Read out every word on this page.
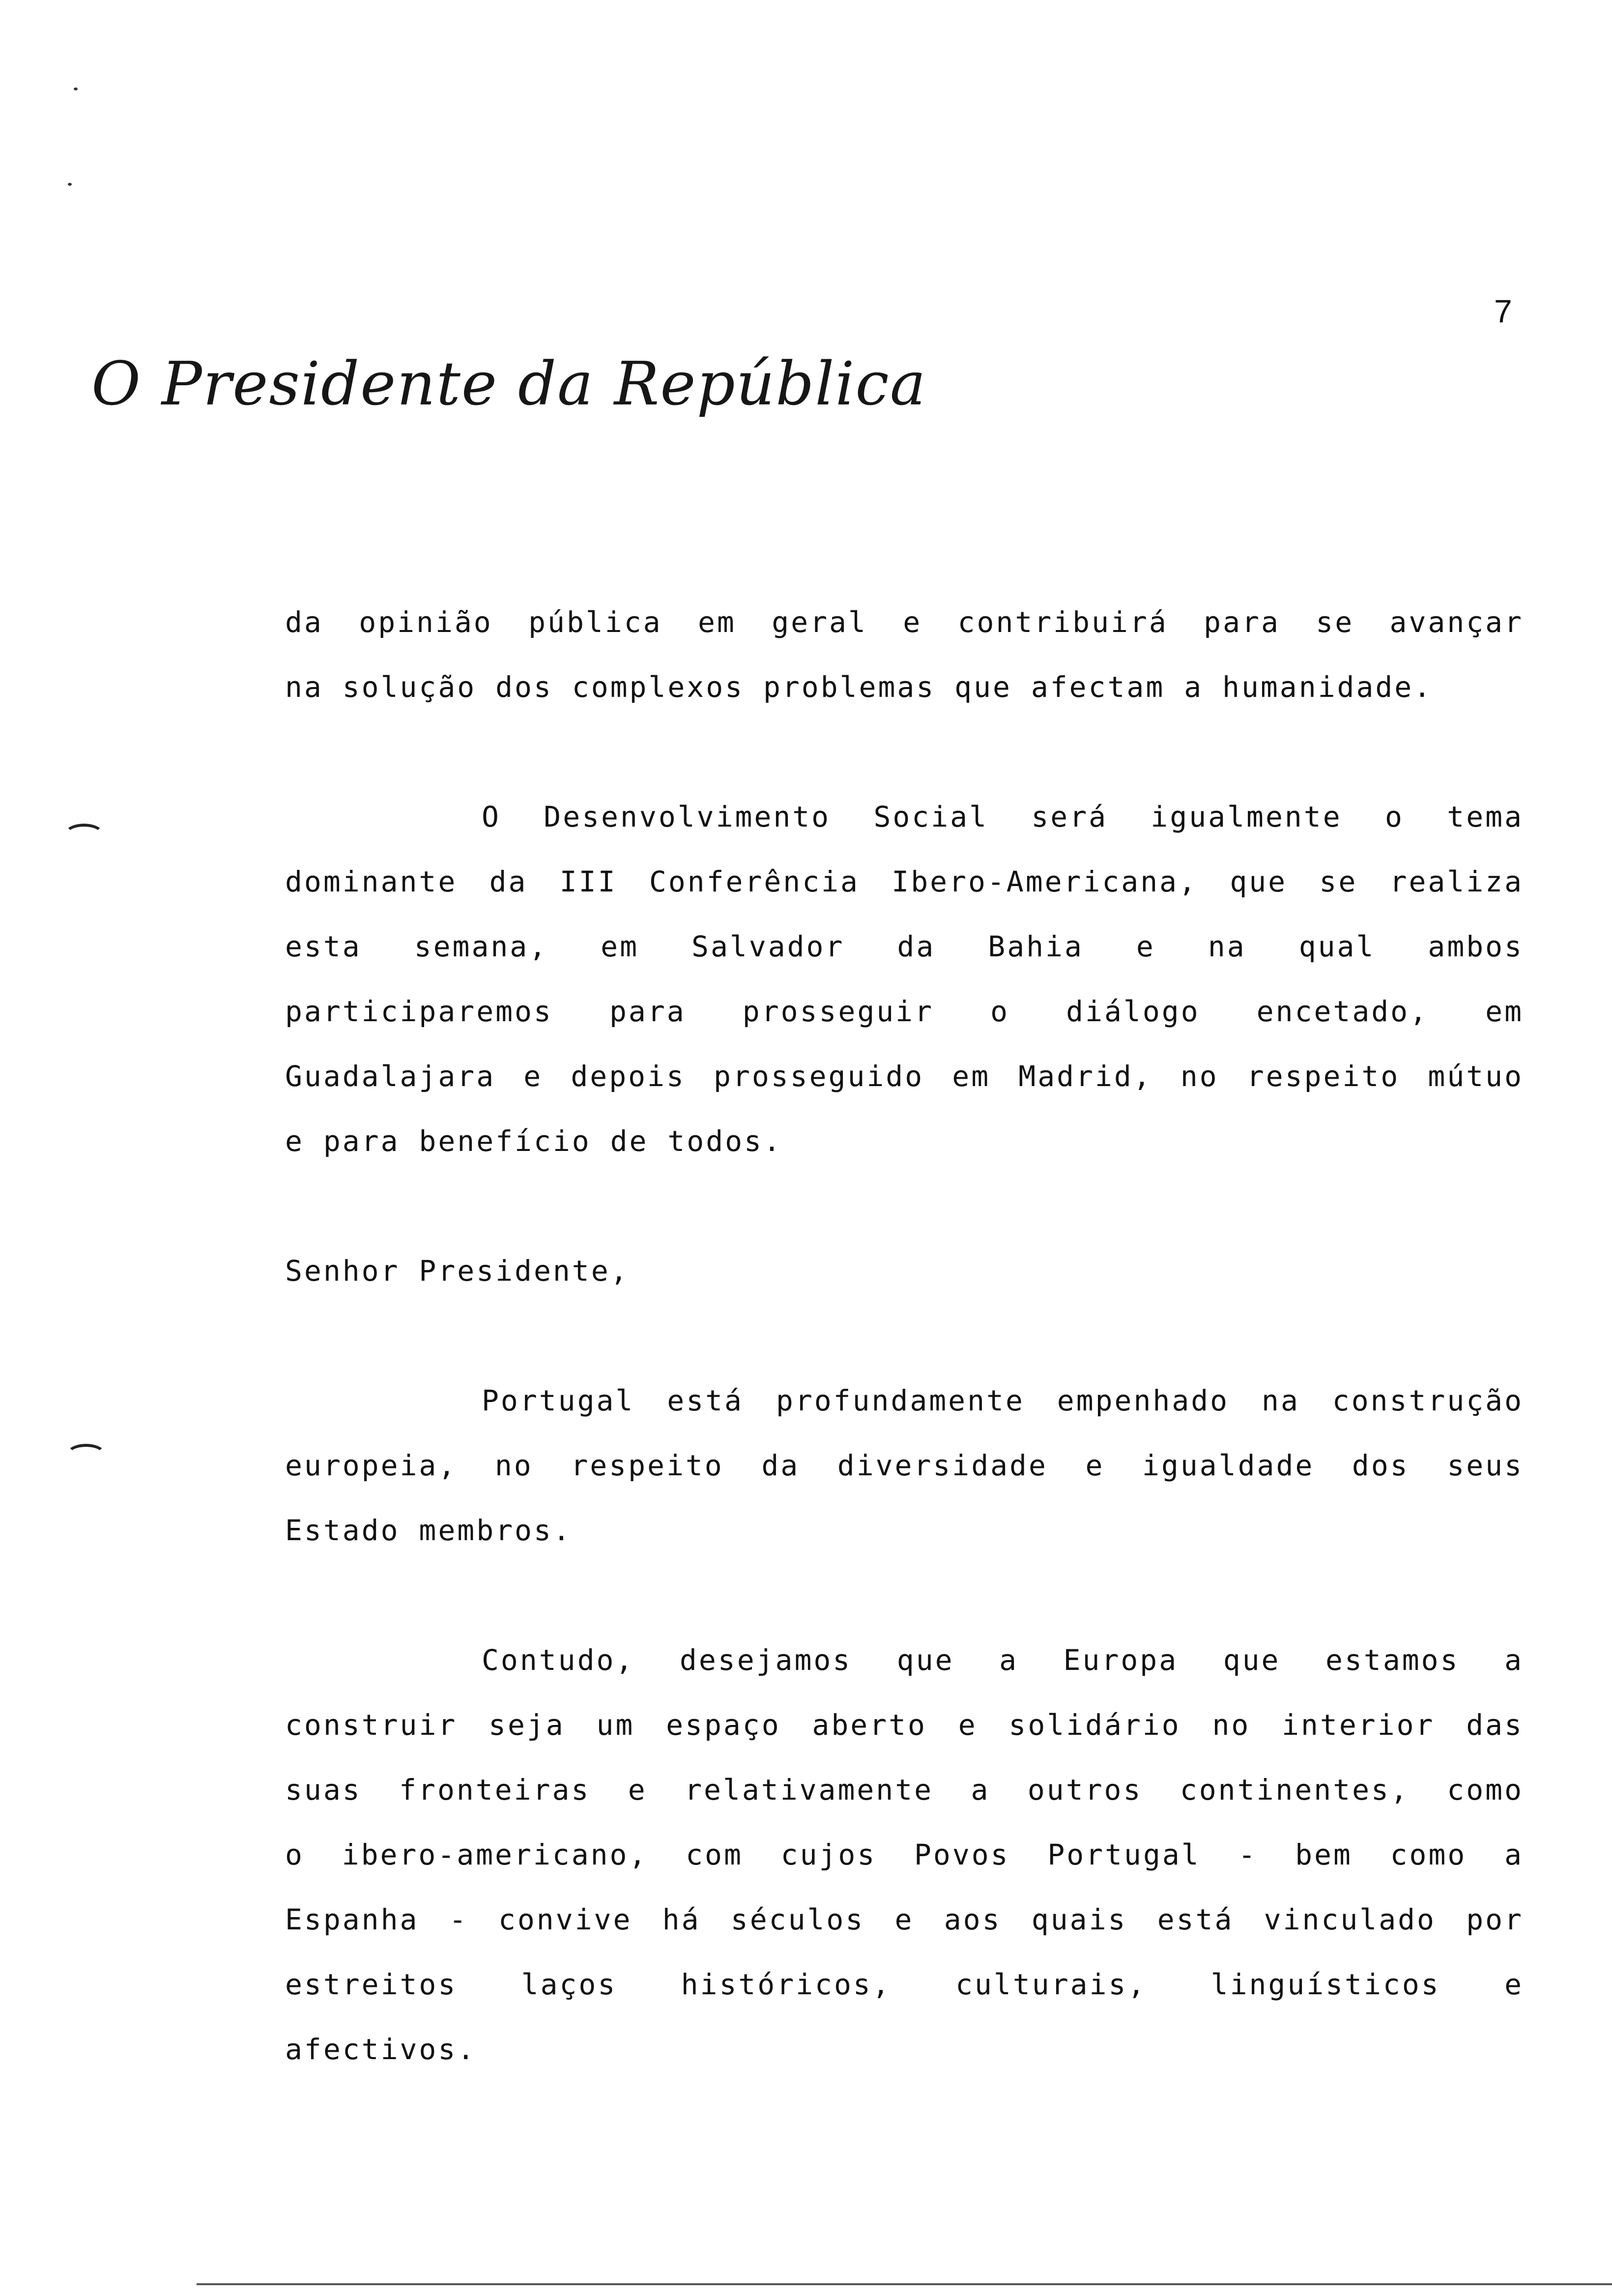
7
O Presidente da República
da opinião pública em geral e contribuirá para se avançar
na solução dos complexos problemas que afectam a humanidade.
O Desenvolvimento Social será igualmente o tema
dominante da III Conferência Ibero-Americana, que se realiza
esta semana, em Salvador da Bahia e na qual ambos
participaremos para prosseguir o diálogo encetado, em
Guadalajara e depois prosseguido em Madrid, no respeito mútuo
e para benefício de todos.
Senhor Presidente,
Portugal está profundamente empenhado na construção
europeia, no respeito da diversidade e igualdade dos seus
Estado membros.
Contudo, desejamos que a Europa que estamos a
construir seja um espaço aberto e solidário no interior das
suas fronteiras e relativamente a outros continentes, como
o ibero-americano, com cujos Povos Portugal - bem como a
Espanha - convive há séculos e aos quais está vinculado por
estreitos laços históricos, culturais, linguísticos e
afectivos.
